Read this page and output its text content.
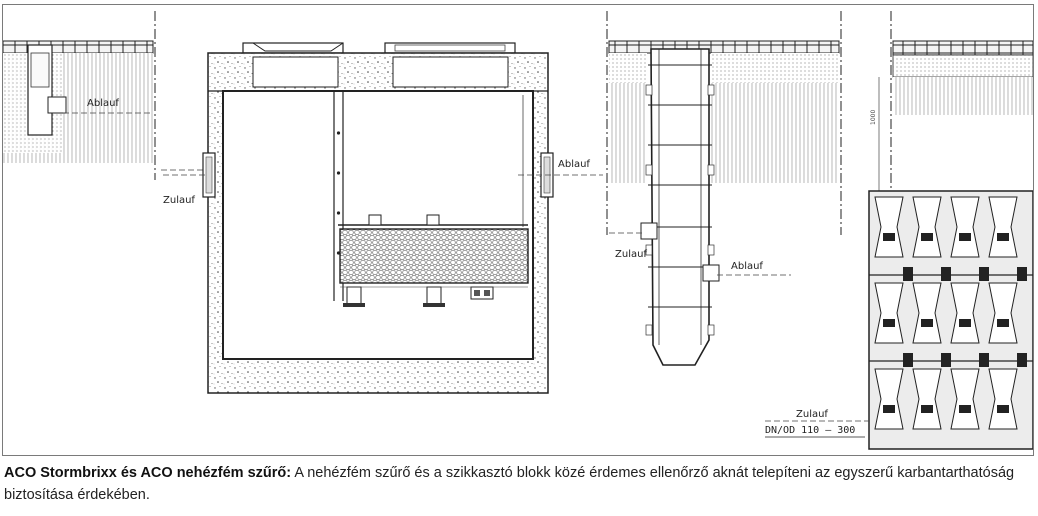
1000
Ablauf
Zulauf
Ablauf
Zulauf
Ablauf
Zulauf
DN/OD 110 – 300
ACO Stormbrixx és ACO nehézfém szűrő: A nehézfém szűrő és a szikkasztó blokk közé érdemes ellenőrző aknát telepíteni az egyszerű karbantarthatóság biztosítása érdekében.
